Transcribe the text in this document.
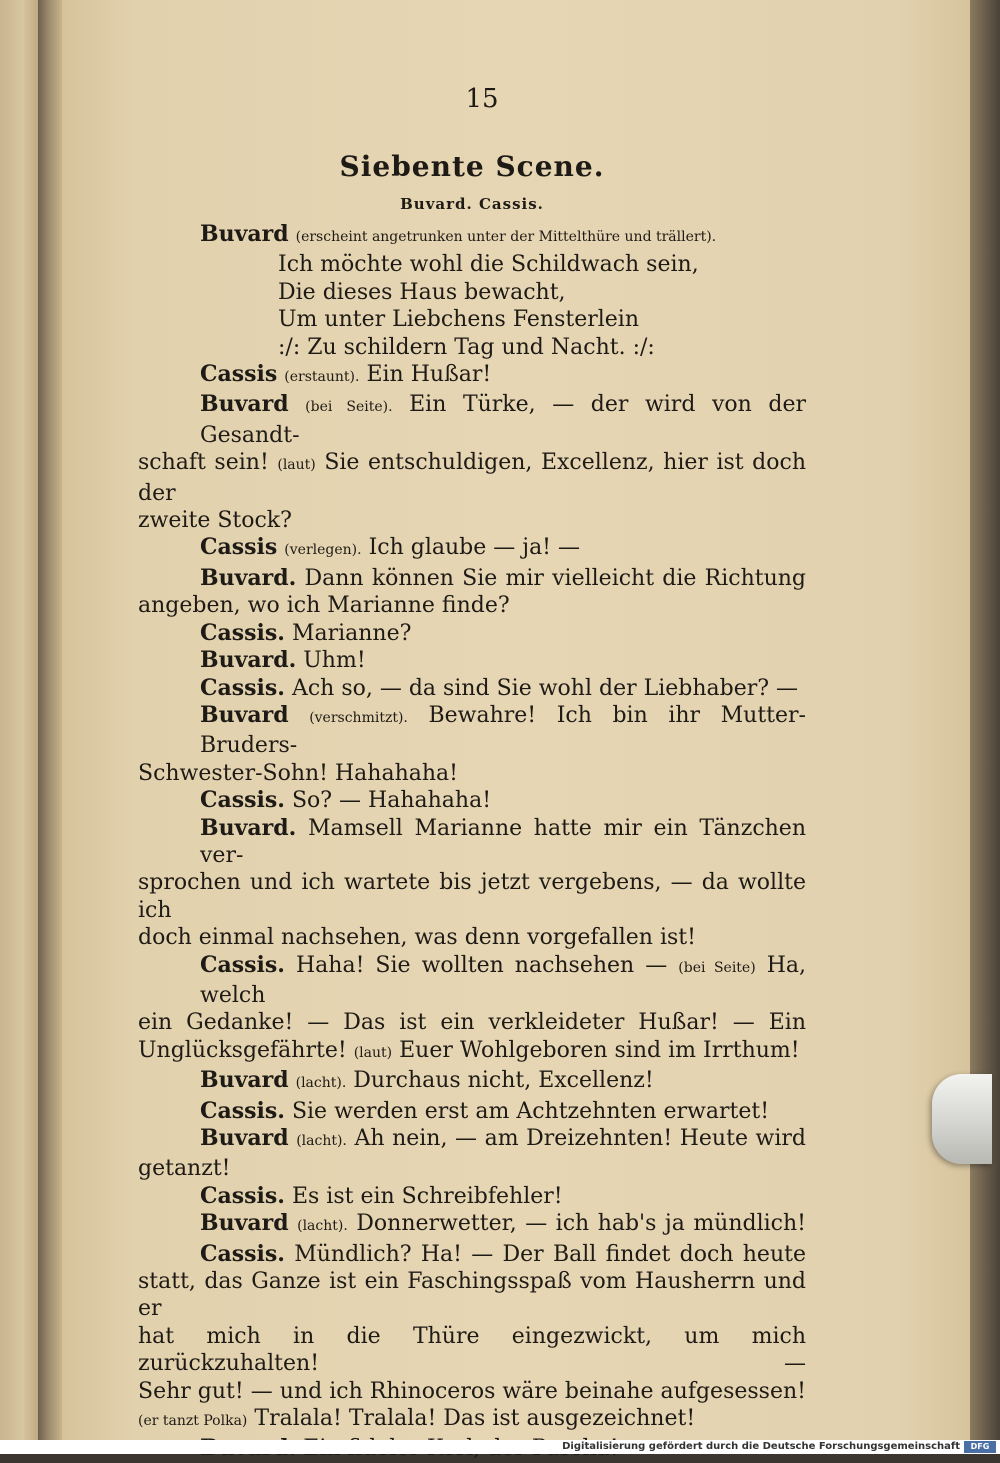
15
Siebente Scene.
Buvard. Cassis.

Buvard (erscheint angetrunken unter der Mittelthüre und trällert).

Ich möchte wohl die Schildwach sein,

Die dieses Haus bewacht,

Um unter Liebchens Fensterlein

:/: Zu schildern Tag und Nacht. :/:

Cassis (erstaunt). Ein Hußar!

Buvard (bei Seite). Ein Türke, — der wird von der Gesandt-

schaft sein! (laut) Sie entschuldigen, Excellenz, hier ist doch der

zweite Stock?

Cassis (verlegen). Ich glaube — ja! —

Buvard. Dann können Sie mir vielleicht die Richtung

angeben, wo ich Marianne finde?

Cassis. Marianne?

Buvard. Uhm!

Cassis. Ach so, — da sind Sie wohl der Liebhaber? —

Buvard (verschmitzt). Bewahre! Ich bin ihr Mutter-Bruders-

Schwester-Sohn! Hahahaha!

Cassis. So? — Hahahaha!

Buvard. Mamsell Marianne hatte mir ein Tänzchen ver-

sprochen und ich wartete bis jetzt vergebens, — da wollte ich

doch einmal nachsehen, was denn vorgefallen ist!

Cassis. Haha! Sie wollten nachsehen — (bei Seite) Ha, welch

ein Gedanke! — Das ist ein verkleideter Hußar! — Ein

Unglücksgefährte! (laut) Euer Wohlgeboren sind im Irrthum!

Buvard (lacht). Durchaus nicht, Excellenz!

Cassis. Sie werden erst am Achtzehnten erwartet!

Buvard (lacht). Ah nein, — am Dreizehnten! Heute wird

getanzt!

Cassis. Es ist ein Schreibfehler!

Buvard (lacht). Donnerwetter, — ich hab's ja mündlich!

Cassis. Mündlich? Ha! — Der Ball findet doch heute

statt, das Ganze ist ein Faschingsspaß vom Hausherrn und er

hat mich in die Thüre eingezwickt, um mich zurückzuhalten! —

Sehr gut! — und ich Rhinoceros wäre beinahe aufgesessen!

(er tanzt Polka) Tralala! Tralala! Das ist ausgezeichnet!

Digitalisierung gefördert durch die Deutsche Forschungsgemeinschaft	DFG
